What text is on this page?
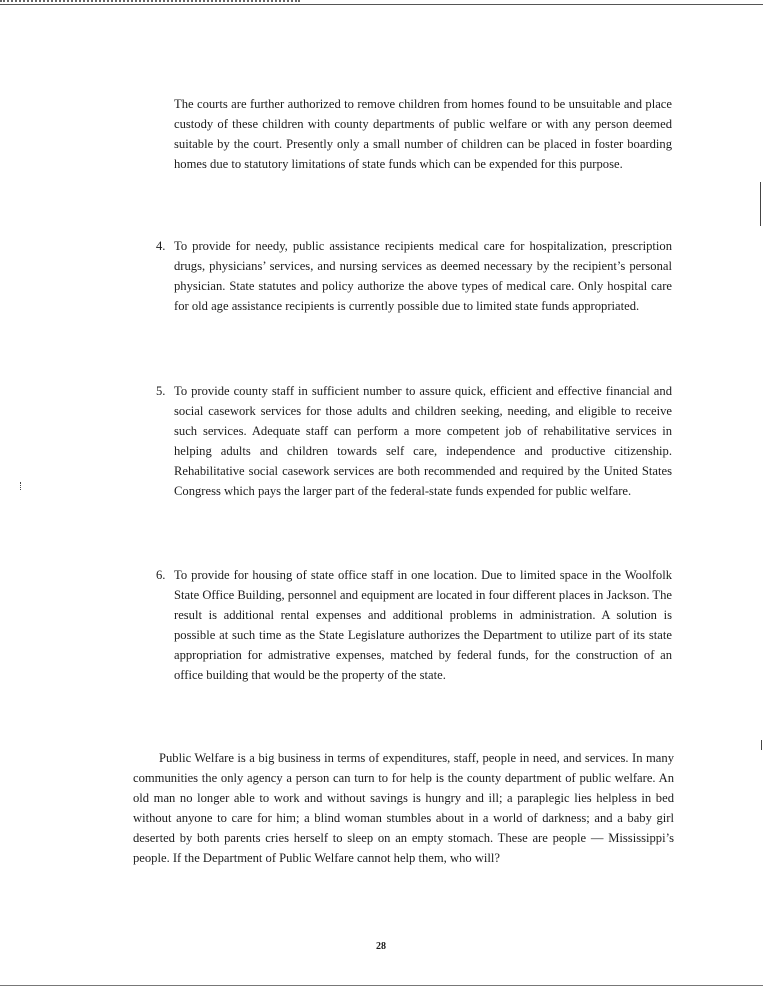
The courts are further authorized to remove children from homes found to be unsuitable and place custody of these children with county departments of public welfare or with any person deemed suitable by the court. Presently only a small number of children can be placed in foster boarding homes due to statutory limitations of state funds which can be expended for this purpose.

4. To provide for needy, public assistance recipients medical care for hospitalization, prescription drugs, physicians’ services, and nursing services as deemed necessary by the recipient’s personal physician. State statutes and policy authorize the above types of medical care. Only hospital care for old age assistance recipients is currently possible due to limited state funds appropriated.

5. To provide county staff in sufficient number to assure quick, efficient and effective financial and social casework services for those adults and children seeking, needing, and eligible to receive such services. Adequate staff can perform a more competent job of rehabilitative services in helping adults and children towards self care, independence and productive citizenship. Rehabilitative social casework services are both recommended and required by the United States Congress which pays the larger part of the federal-state funds expended for public welfare.

6. To provide for housing of state office staff in one location. Due to limited space in the Woolfolk State Office Building, personnel and equipment are located in four different places in Jackson. The result is additional rental expenses and additional problems in administration. A solution is possible at such time as the State Legislature authorizes the Department to utilize part of its state appropriation for admistrative expenses, matched by federal funds, for the construction of an office building that would be the property of the state.

Public Welfare is a big business in terms of expenditures, staff, people in need, and services. In many communities the only agency a person can turn to for help is the county department of public welfare. An old man no longer able to work and without savings is hungry and ill; a paraplegic lies helpless in bed without anyone to care for him; a blind woman stumbles about in a world of darkness; and a baby girl deserted by both parents cries herself to sleep on an empty stomach. These are people — Mississippi’s people. If the Department of Public Welfare cannot help them, who will?

28
